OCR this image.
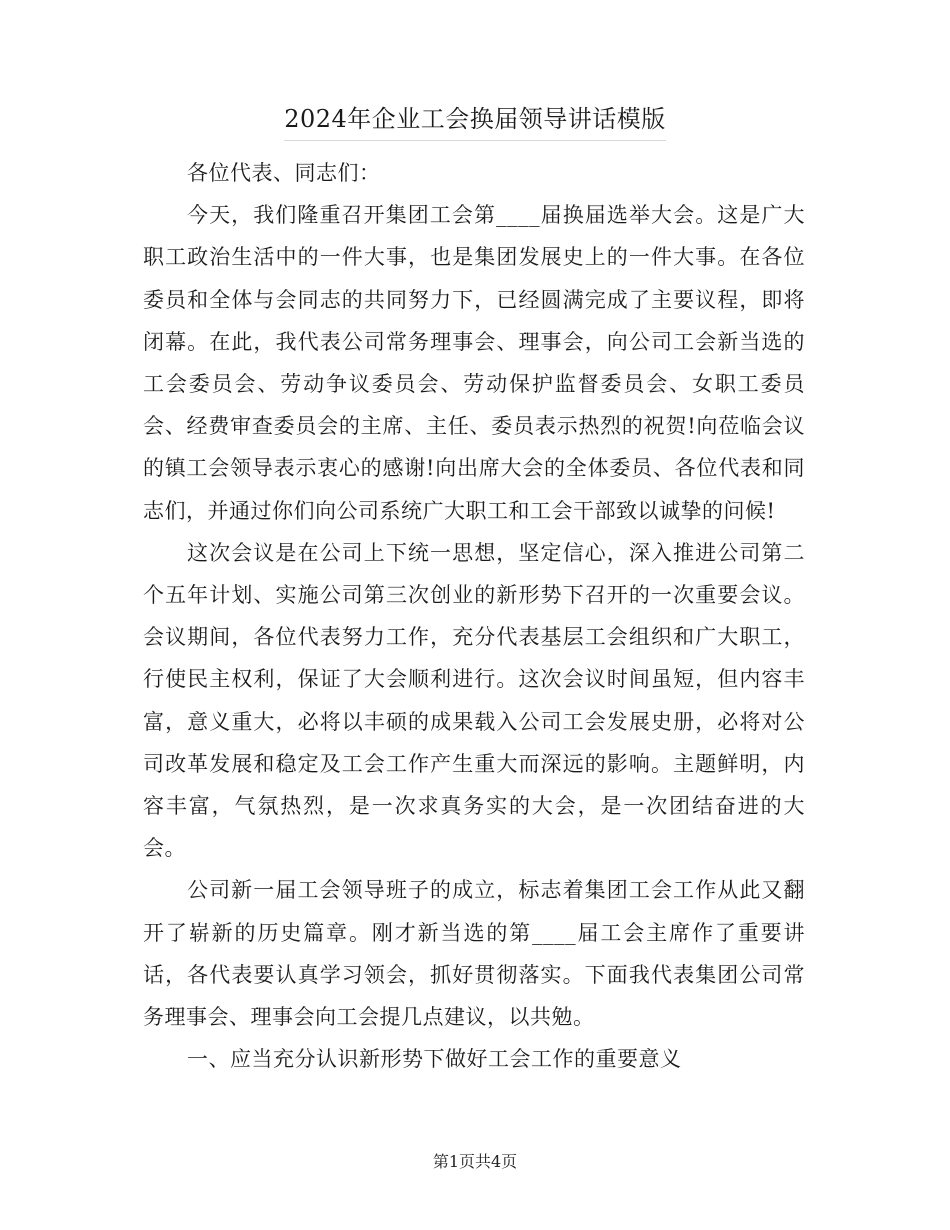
2024年企业工会换届领导讲话模版

各位代表、同志们：

今天，我们隆重召开集团工会第____届换届选举大会。这是广大职工政治生活中的一件大事，也是集团发展史上的一件大事。在各位委员和全体与会同志的共同努力下，已经圆满完成了主要议程，即将闭幕。在此，我代表公司常务理事会、理事会，向公司工会新当选的工会委员会、劳动争议委员会、劳动保护监督委员会、女职工委员会、经费审查委员会的主席、主任、委员表示热烈的祝贺!向莅临会议的镇工会领导表示衷心的感谢!向出席大会的全体委员、各位代表和同志们，并通过你们向公司系统广大职工和工会干部致以诚挚的问候!

这次会议是在公司上下统一思想，坚定信心，深入推进公司第二个五年计划、实施公司第三次创业的新形势下召开的一次重要会议。会议期间，各位代表努力工作，充分代表基层工会组织和广大职工，行使民主权利，保证了大会顺利进行。这次会议时间虽短，但内容丰富，意义重大，必将以丰硕的成果载入公司工会发展史册，必将对公司改革发展和稳定及工会工作产生重大而深远的影响。主题鲜明，内容丰富，气氛热烈，是一次求真务实的大会，是一次团结奋进的大会。

公司新一届工会领导班子的成立，标志着集团工会工作从此又翻开了崭新的历史篇章。刚才新当选的第____届工会主席作了重要讲话，各代表要认真学习领会，抓好贯彻落实。下面我代表集团公司常务理事会、理事会向工会提几点建议，以共勉。

一、应当充分认识新形势下做好工会工作的重要意义

第1页共4页
